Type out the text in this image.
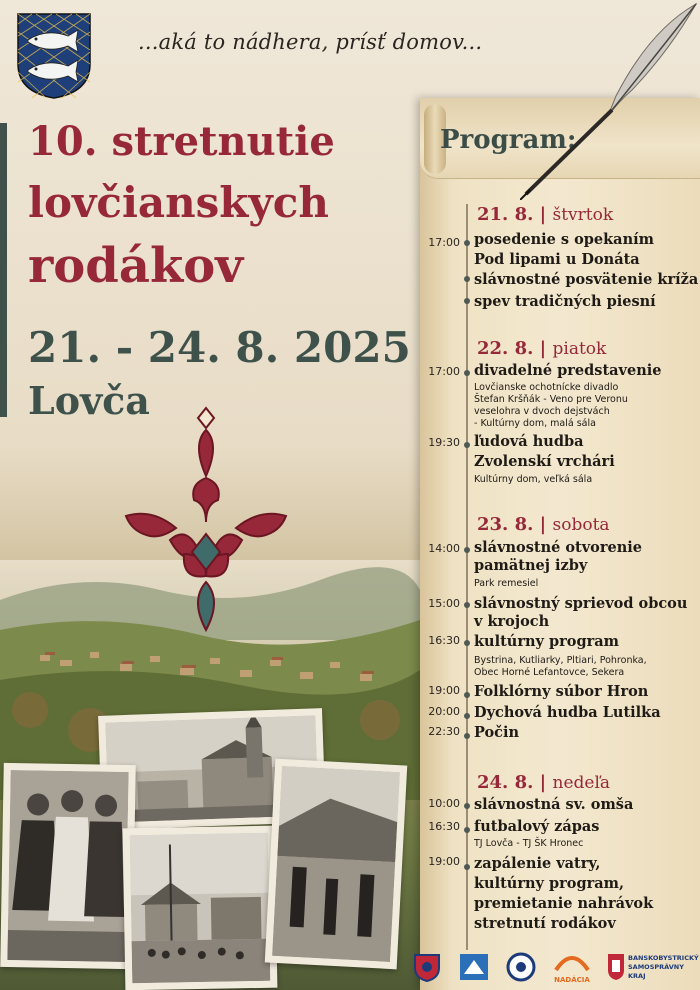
...aká to nádhera, prísť domov...
10. stretnutie
lovčianskych
rodákov
21. - 24. 8. 2025
Lovča
Program:
21. 8. | štvrtok
17:00 posedenie s opekaním
Pod lipami u Donáta
slávnostné posvätenie kríža
spev tradičných piesní
22. 8. | piatok
17:00 divadelné predstavenie
Lovčianske ochotnícke divadlo
Štefan Kršňák - Veno pre Veronu
veselohra v dvoch dejstvách
- Kultúrny dom, malá sála
19:30 ľudová hudba
Zvolenskí vrchári
Kultúrny dom, veľká sála
23. 8. | sobota
14:00 slávnostné otvorenie
pamätnej izby
Park remesiel
15:00 slávnostný sprievod obcou
v krojoch
16:30 kultúrny program
Bystrina, Kutliarky, Pltiari, Pohronka,
Obec Horné Lefantovce, Sekera
19:00 Folklórny súbor Hron
20:00 Dychová hudba Lutilka
22:30 Počin
24. 8. | nedeľa
10:00 slávnostná sv. omša
16:30 futbalový zápas
TJ Lovča - TJ ŠK Hronec
19:00 zapálenie vatry,
kultúrny program,
premietanie nahrávok
stretnutí rodákov
NADÁCIA
BANSKOBYSTRICKÝ
SAMOSPRÁVNY KRAJ
